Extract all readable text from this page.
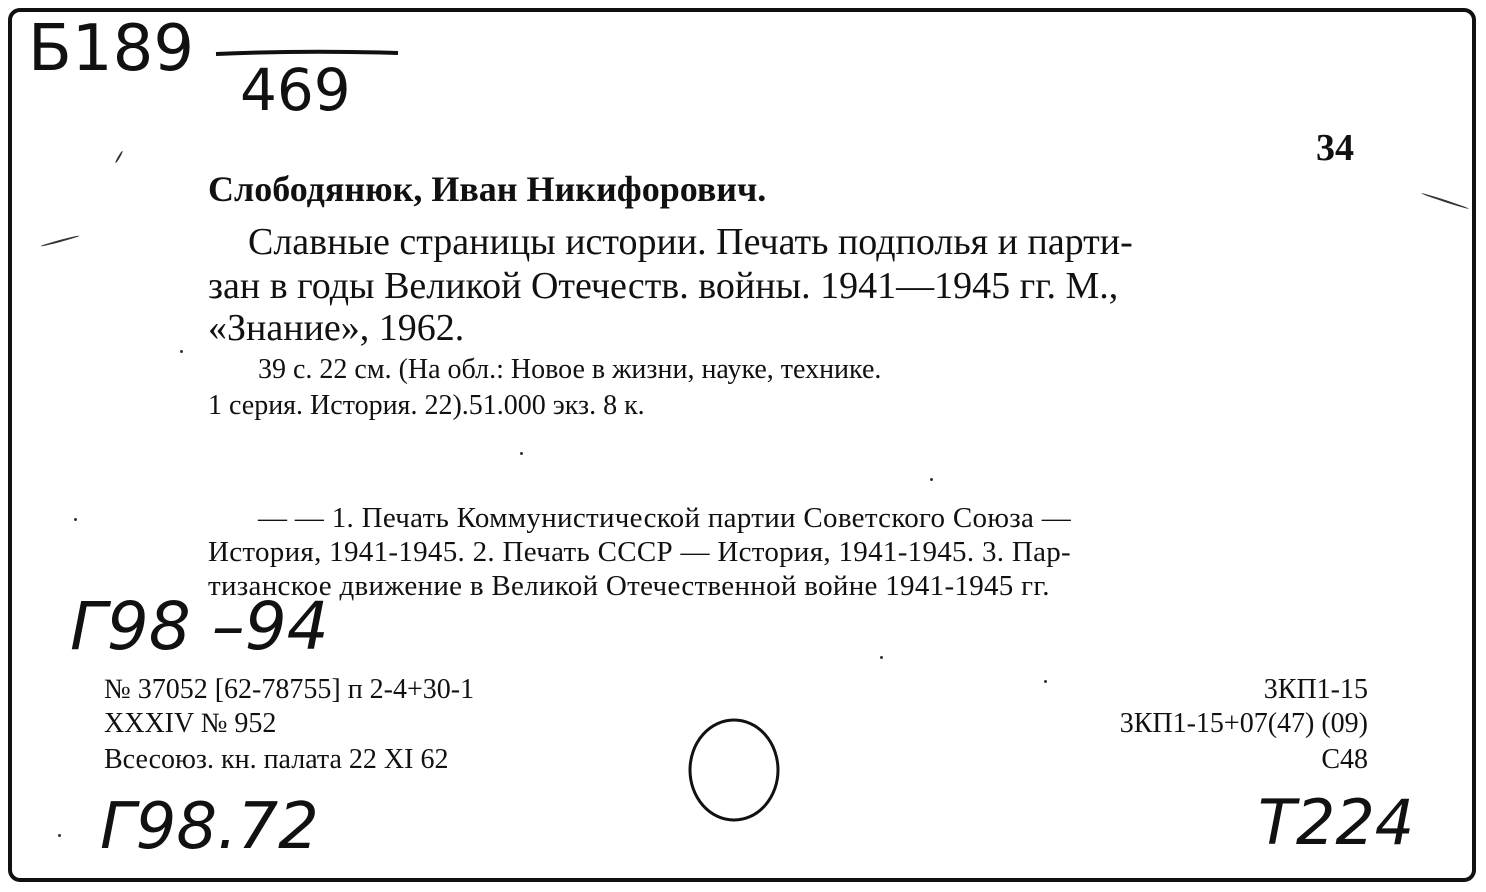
Б189
469
34
Слободянюк, Иван Никифорович.
Славные страницы истории. Печать подполья и парти-
зан в годы Великой Отечеств. войны. 1941—1945 гг. М.,
«Знание», 1962.
39 с. 22 см. (На обл.: Новое в жизни, науке, технике.
1 серия. История. 22).51.000 экз. 8 к.
— — 1. Печать Коммунистической партии Советского Союза —
История, 1941-1945. 2. Печать СССР — История, 1941-1945. 3. Пар-
тизанское движение в Великой Отечественной войне 1941-1945 гг.
Г98 –94
№ 37052 [62-78755] п 2-4+30-1
XXXIV № 952
Всесоюз. кн. палата 22 XI 62
3КП1-15
3КП1-15+07(47) (09)
С48
Г98.72	Т224
